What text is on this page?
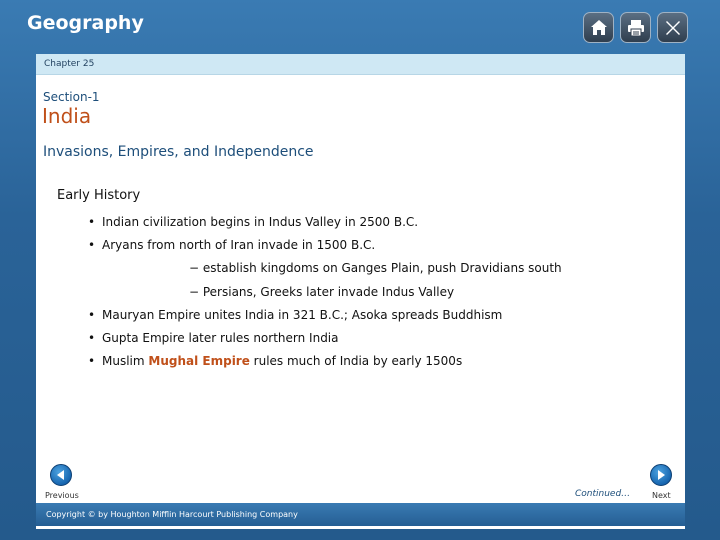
Geography
Chapter 25
Section-1
India
Invasions, Empires, and Independence
Early History
• Indian civilization begins in Indus Valley in 2500 B.C.
• Aryans from north of Iran invade in 1500 B.C.
− establish kingdoms on Ganges Plain, push Dravidians south
− Persians, Greeks later invade Indus Valley
• Mauryan Empire unites India in 321 B.C.; Asoka spreads Buddhism
• Gupta Empire later rules northern India
• Muslim Mughal Empire rules much of India by early 1500s
Previous	Continued…	Next
Copyright © by Houghton Mifflin Harcourt Publishing Company
